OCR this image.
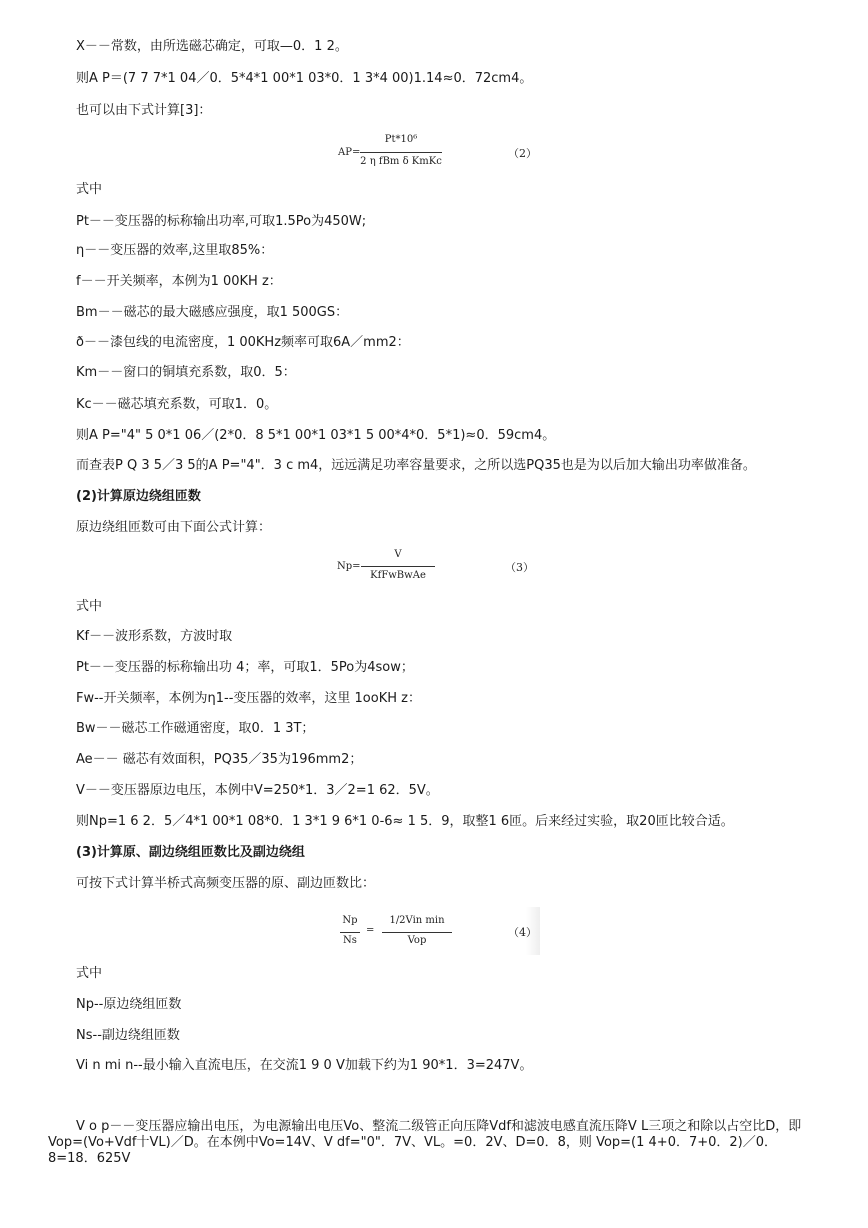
X－－常数，由所选磁芯确定，可取—0．1 2。
则A P＝(7 7 7*1 04／0．5*4*1 00*1 03*0．1 3*4 00)1.14≈0．72cm4。
也可以由下式计算[3]：
AP=
Pt*10⁶
2 η fBm δ KmKc
（2）
式中
Pt－－变压器的标称输出功率,可取1.5Po为450W;
η－－变压器的效率,这里取85%：
f－－开关频率，本例为1 00KH z：
Bm－－磁芯的最大磁感应强度，取1 500GS：
ð－－漆包线的电流密度，1 00KHz频率可取6A／mm2：
Km－－窗口的铜填充系数，取0．5：
Kc－－磁芯填充系数，可取1．0。
则A P="4" 5 0*1 06／(2*0．8 5*1 00*1 03*1 5 00*4*0．5*1)≈0．59cm4。
而查表P Q 3 5／3 5的A P="4"．3 c m4，远远满足功率容量要求，之所以选PQ35也是为以后加大输出功率做准备。
(2)计算原边绕组匝数
原边绕组匝数可由下面公式计算：
Np=
V
KfFwBwAe
（3）
式中
Kf－－波形系数，方波时取
Pt－－变压器的标称输出功 4；率，可取1．5Po为4sow；
Fw--开关频率，本例为η1--变压器的效率，这里 1ooKH z：
Bw－－磁芯工作磁通密度，取0．1 3T；
Ae－－ 磁芯有效面积，PQ35／35为196mm2；
V－－变压器原边电压，本例中V=250*1．3／2=1 62．5V。
则Np=1 6 2．5／4*1 00*1 08*0．1 3*1 9 6*1 0-6≈ 1 5．9，取整1 6匝。后来经过实验，取20匝比较合适。
(3)计算原、副边绕组匝数比及副边绕组
可按下式计算半桥式高频变压器的原、副边匝数比：
Np
Ns
=
1/2Vin min
Vop
（4）
式中
Np--原边绕组匝数
Ns--副边绕组匝数
Vi n mi n--最小输入直流电压，在交流1 9 0 V加载下约为1 90*1．3=247V。
V o p－－变压器应输出电压，为电源输出电压Vo、整流二级管正向压降Vdf和滤波电感直流压降V L三项之和除以占空比D，即Vop=(Vo+Vdf十VL)／D。在本例中Vo=14V、V df="0"．7V、VL。=0．2V、D=0．8，则 Vop=(1 4+0．7+0．2)／0．8=18．625V
